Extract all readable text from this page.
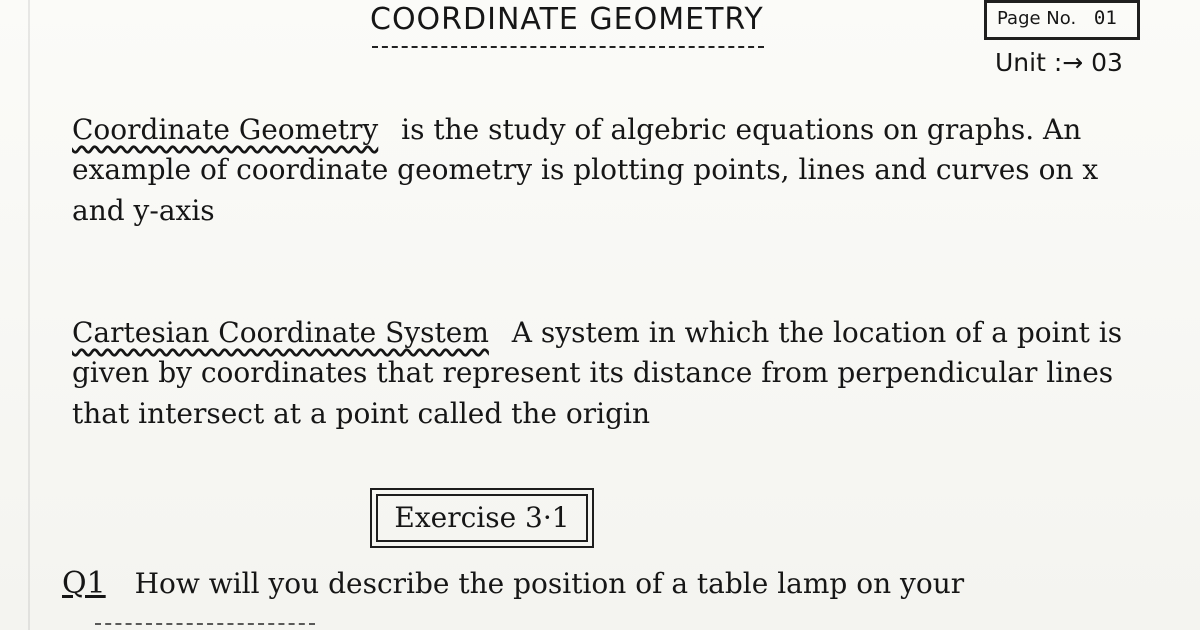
COORDINATE GEOMETRY	Page No. 01
Unit :→ 03
Coordinate Geometry is the study of algebric equations on graphs. An example of coordinate geometry is plotting points, lines and curves on x and y-axis
Cartesian Coordinate System A system in which the location of a point is given by coordinates that represent its distance from perpendicular lines that intersect at a point called the origin
Exercise 3·1
Q1 How will you describe the position of a table lamp on your
